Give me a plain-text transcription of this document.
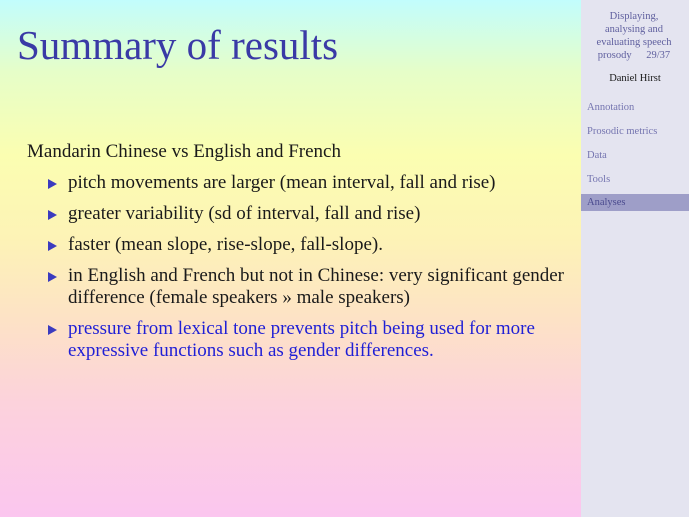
Summary of results
Mandarin Chinese vs English and French
pitch movements are larger (mean interval, fall and rise)
greater variability (sd of interval, fall and rise)
faster (mean slope, rise-slope, fall-slope).
in English and French but not in Chinese: very significant gender difference (female speakers » male speakers)
pressure from lexical tone prevents pitch being used for more expressive functions such as gender differences.
Displaying,
analysing and
evaluating speech
prosody 29/37
Daniel Hirst
Annotation
Prosodic metrics
Data
Tools
Analyses
